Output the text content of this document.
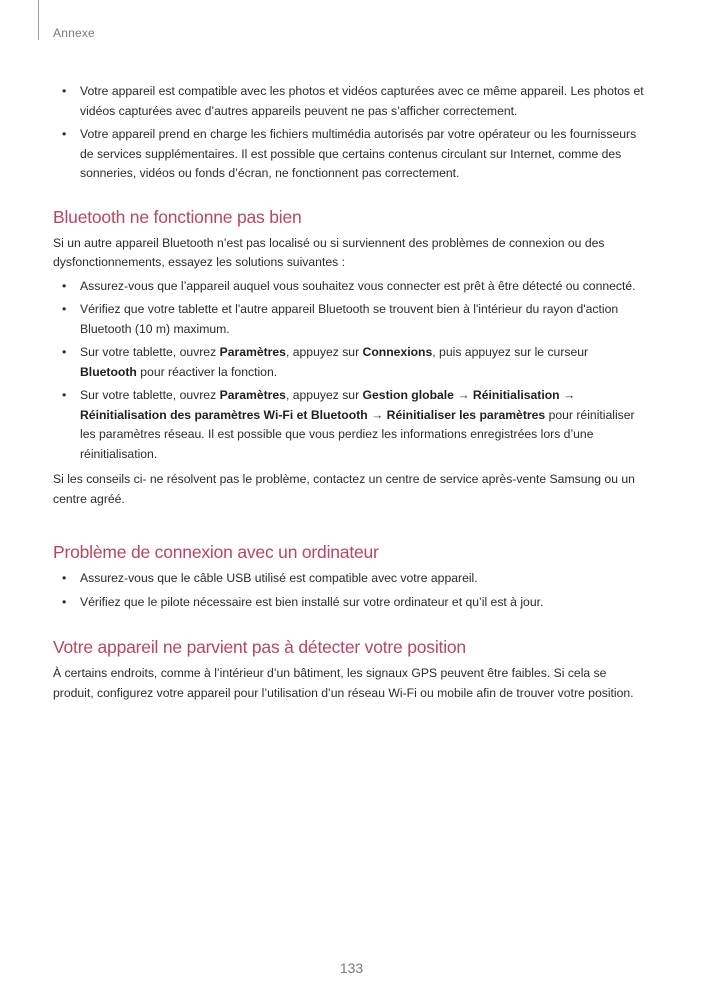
Annexe
• Votre appareil est compatible avec les photos et vidéos capturées avec ce même appareil. Les photos et vidéos capturées avec d’autres appareils peuvent ne pas s’afficher correctement.
• Votre appareil prend en charge les fichiers multimédia autorisés par votre opérateur ou les fournisseurs de services supplémentaires. Il est possible que certains contenus circulant sur Internet, comme des sonneries, vidéos ou fonds d’écran, ne fonctionnent pas correctement.
Bluetooth ne fonctionne pas bien

Si un autre appareil Bluetooth n’est pas localisé ou si surviennent des problèmes de connexion ou des dysfonctionnements, essayez les solutions suivantes :

• Assurez-vous que l’appareil auquel vous souhaitez vous connecter est prêt à être détecté ou connecté.
• Vérifiez que votre tablette et l'autre appareil Bluetooth se trouvent bien à l'intérieur du rayon d'action Bluetooth (10 m) maximum.
• Sur votre tablette, ouvrez Paramètres, appuyez sur Connexions, puis appuyez sur le curseur Bluetooth pour réactiver la fonction.
• Sur votre tablette, ouvrez Paramètres, appuyez sur Gestion globale → Réinitialisation → Réinitialisation des paramètres Wi-Fi et Bluetooth → Réinitialiser les paramètres pour réinitialiser les paramètres réseau. Il est possible que vous perdiez les informations enregistrées lors d’une réinitialisation.

Si les conseils ci- ne résolvent pas le problème, contactez un centre de service après-vente Samsung ou un centre agréé.

Problème de connexion avec un ordinateur
• Assurez-vous que le câble USB utilisé est compatible avec votre appareil.
• Vérifiez que le pilote nécessaire est bien installé sur votre ordinateur et qu’il est à jour.
Votre appareil ne parvient pas à détecter votre position

À certains endroits, comme à l’intérieur d’un bâtiment, les signaux GPS peuvent être faibles. Si cela se produit, configurez votre appareil pour l’utilisation d’un réseau Wi-Fi ou mobile afin de trouver votre position.

133
